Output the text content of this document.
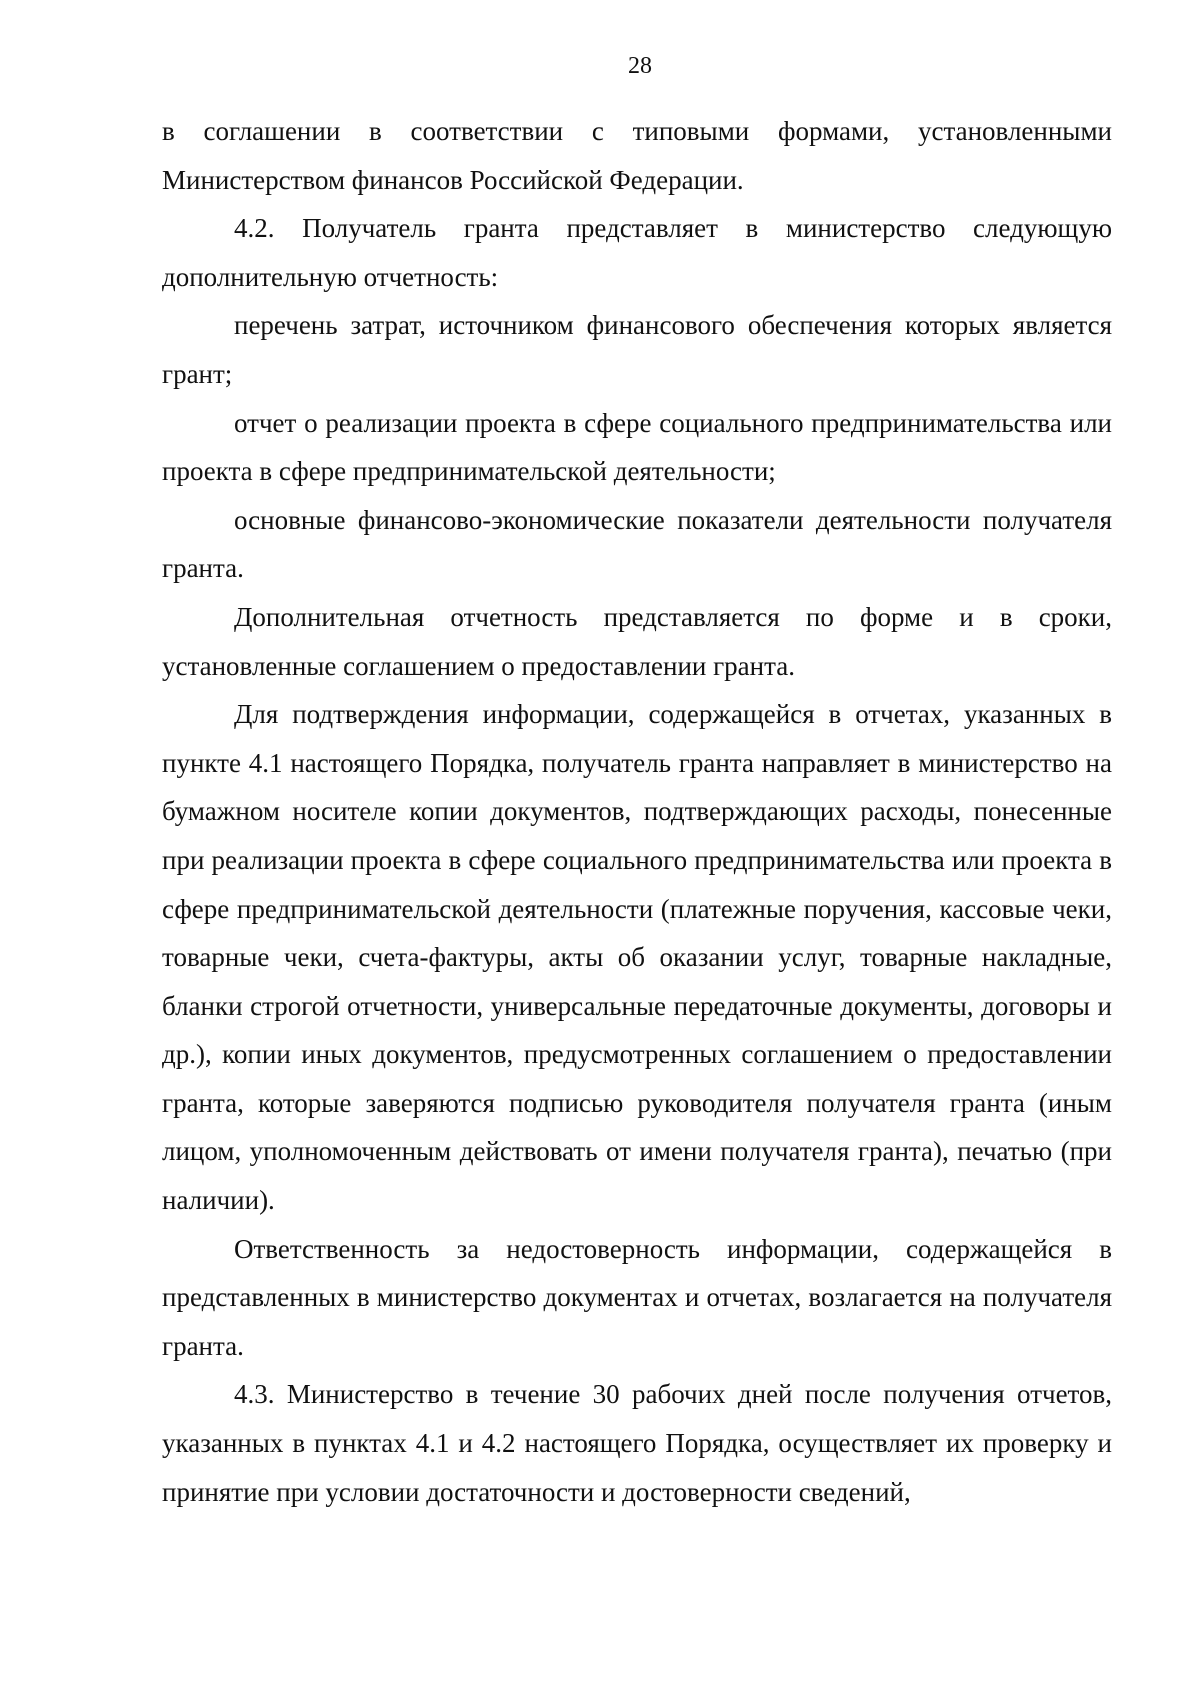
28

в соглашении в соответствии с типовыми формами, установленными Министерством финансов Российской Федерации.

4.2. Получатель гранта представляет в министерство следующую дополнительную отчетность:

перечень затрат, источником финансового обеспечения которых является грант;

отчет о реализации проекта в сфере социального предпринимательства или проекта в сфере предпринимательской деятельности;

основные финансово-экономические показатели деятельности получателя гранта.

Дополнительная отчетность представляется по форме и в сроки, установленные соглашением о предоставлении гранта.

Для подтверждения информации, содержащейся в отчетах, указанных в пункте 4.1 настоящего Порядка, получатель гранта направляет в министерство на бумажном носителе копии документов, подтверждающих расходы, понесенные при реализации проекта в сфере социального предпринимательства или проекта в сфере предпринимательской деятельности (платежные поручения, кассовые чеки, товарные чеки, счета-фактуры, акты об оказании услуг, товарные накладные, бланки строгой отчетности, универсальные передаточные документы, договоры и др.), копии иных документов, предусмотренных соглашением о предоставлении гранта, которые заверяются подписью руководителя получателя гранта (иным лицом, уполномоченным действовать от имени получателя гранта), печатью (при наличии).

Ответственность за недостоверность информации, содержащейся в представленных в министерство документах и отчетах, возлагается на получателя гранта.

4.3. Министерство в течение 30 рабочих дней после получения отчетов, указанных в пунктах 4.1 и 4.2 настоящего Порядка, осуществляет их проверку и принятие при условии достаточности и достоверности сведений,
